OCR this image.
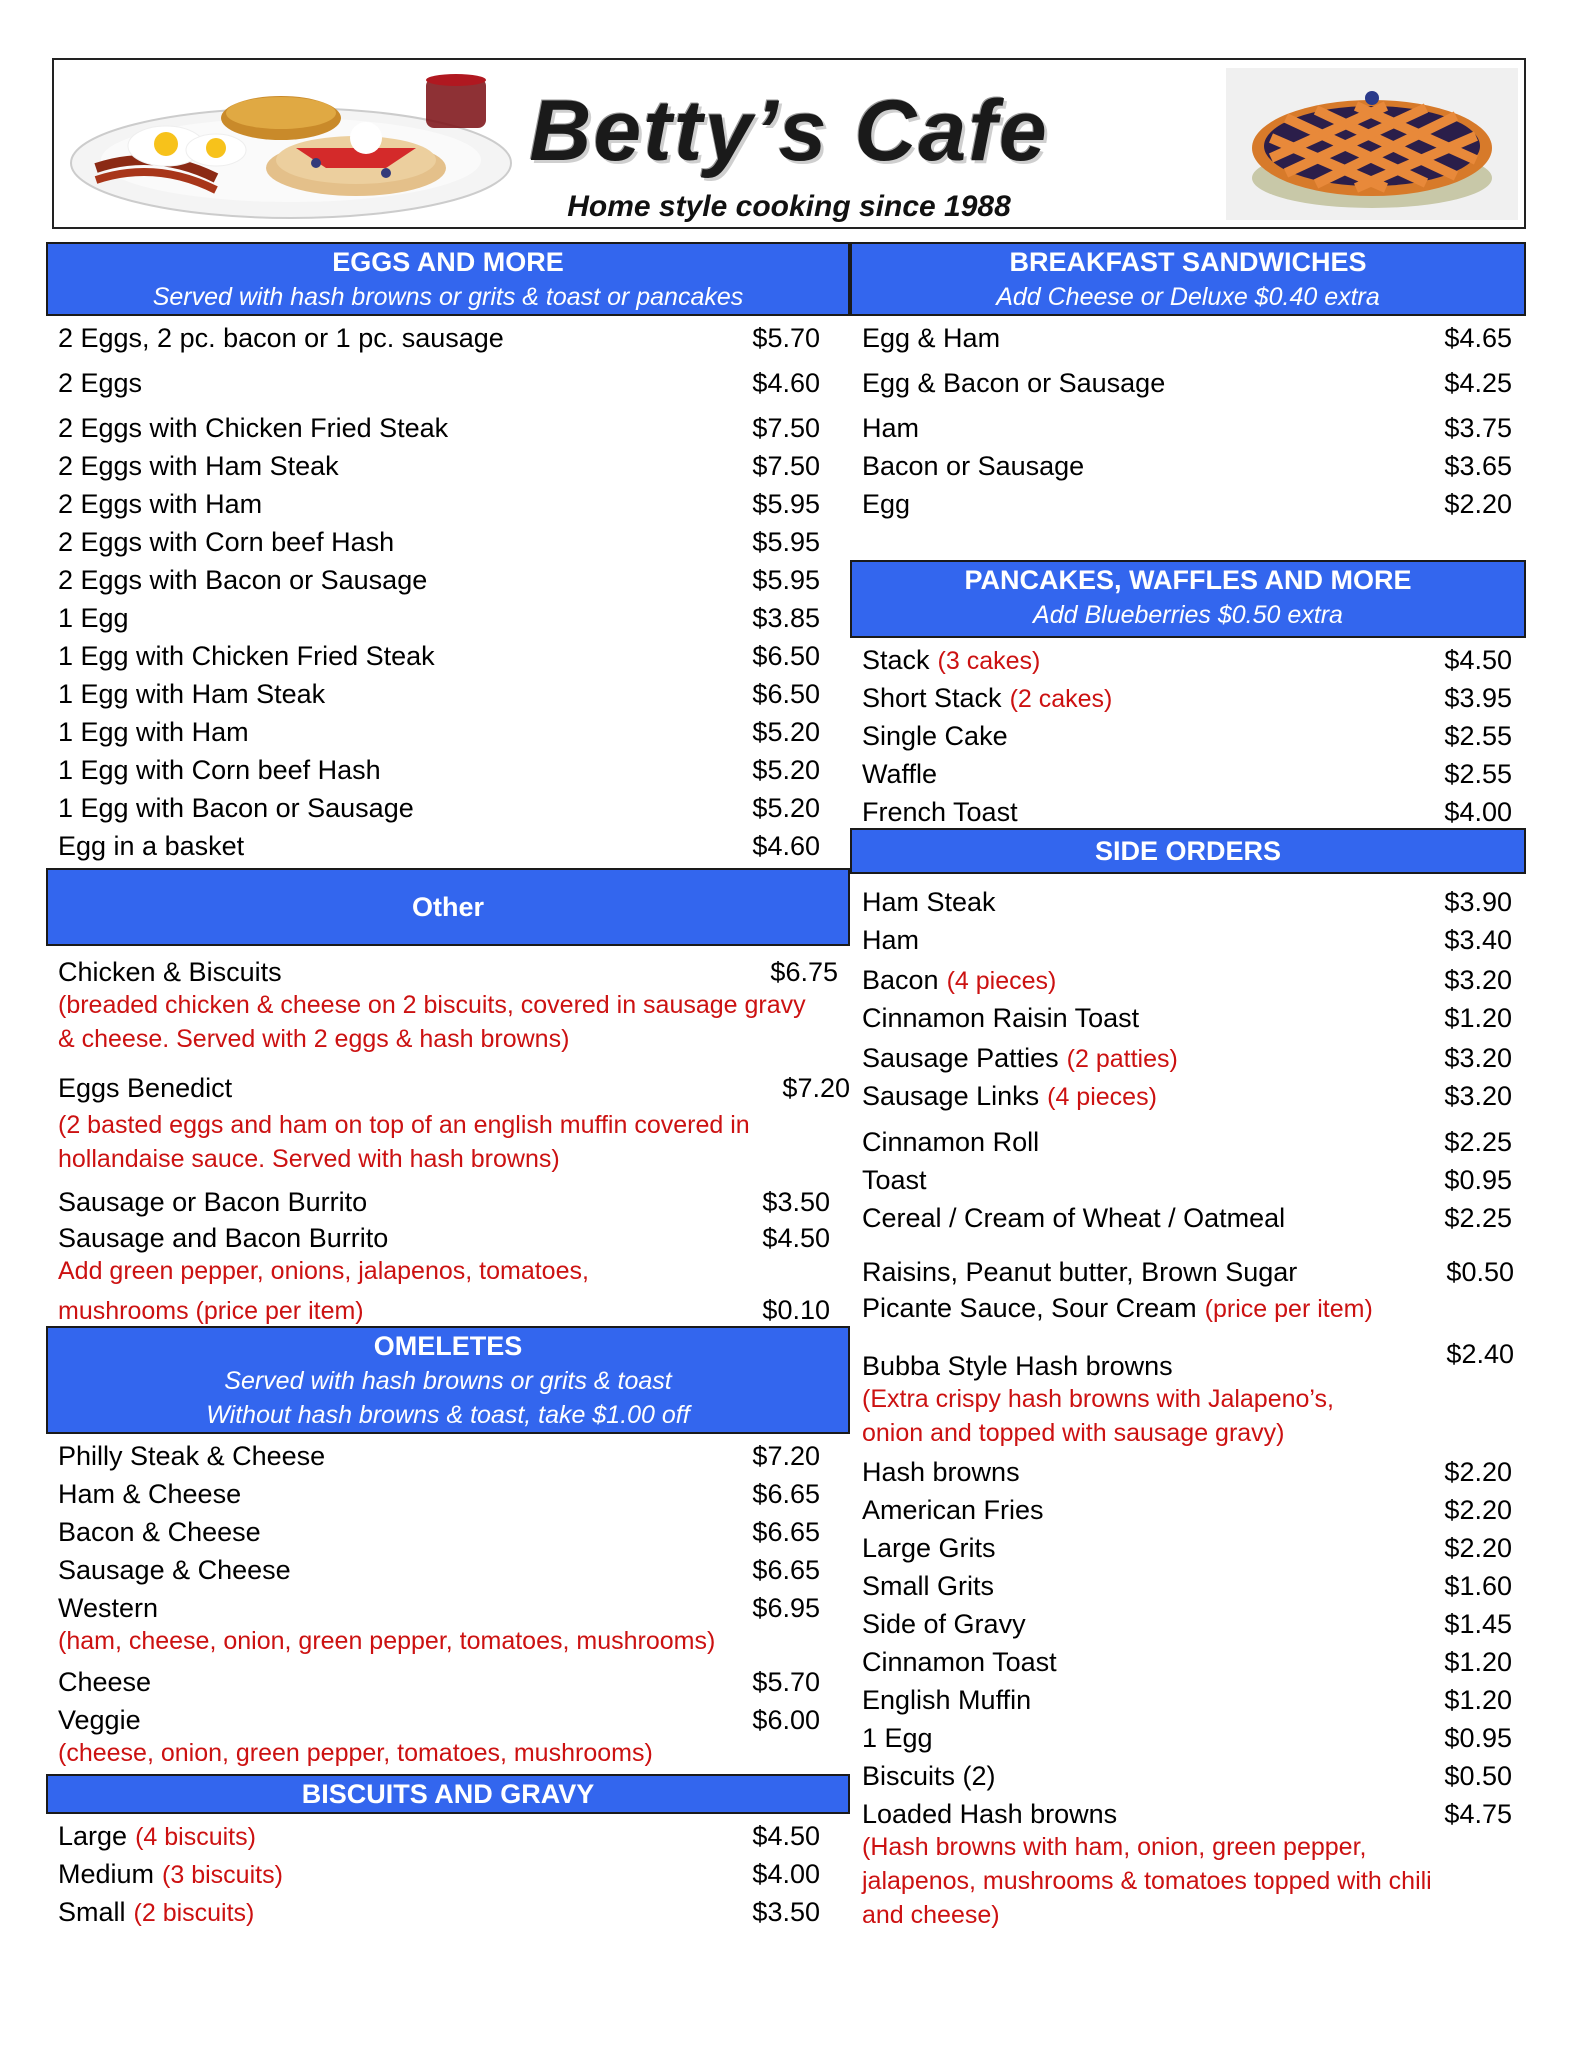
Betty’s Cafe
Home style cooking since 1988
EGGS AND MORE
Served with hash browns or grits & toast or pancakes
2 Eggs, 2 pc. bacon or 1 pc. sausage	$5.70
2 Eggs	$4.60
2 Eggs with Chicken Fried Steak	$7.50
2 Eggs with Ham Steak	$7.50
2 Eggs with Ham	$5.95
2 Eggs with Corn beef Hash	$5.95
2 Eggs with Bacon or Sausage	$5.95
1 Egg	$3.85
1 Egg with Chicken Fried Steak	$6.50
1 Egg with Ham Steak	$6.50
1 Egg with Ham	$5.20
1 Egg with Corn beef Hash	$5.20
1 Egg with Bacon or Sausage	$5.20
Egg in a basket	$4.60
Other
Chicken & Biscuits	$6.75
(breaded chicken & cheese on 2 biscuits, covered in sausage gravy & cheese. Served with 2 eggs & hash browns)
Eggs Benedict	$7.20
(2 basted eggs and ham on top of an english muffin covered in hollandaise sauce. Served with hash browns)
Sausage or Bacon Burrito	$3.50
Sausage and Bacon Burrito	$4.50
Add green pepper, onions, jalapenos, tomatoes,
mushrooms (price per item)	$0.10
OMELETES
Served with hash browns or grits & toast
Without hash browns & toast, take $1.00 off
Philly Steak & Cheese	$7.20
Ham & Cheese	$6.65
Bacon & Cheese	$6.65
Sausage & Cheese	$6.65
Western	$6.95
(ham, cheese, onion, green pepper, tomatoes, mushrooms)
Cheese	$5.70
Veggie	$6.00
(cheese, onion, green pepper, tomatoes, mushrooms)
BISCUITS AND GRAVY
Large (4 biscuits)	$4.50
Medium (3 biscuits)	$4.00
Small (2 biscuits)	$3.50
BREAKFAST SANDWICHES
Add Cheese or Deluxe $0.40 extra
Egg & Ham	$4.65
Egg & Bacon or Sausage	$4.25
Ham	$3.75
Bacon or Sausage	$3.65
Egg	$2.20
PANCAKES, WAFFLES AND MORE
Add Blueberries $0.50 extra
Stack (3 cakes)	$4.50
Short Stack (2 cakes)	$3.95
Single Cake	$2.55
Waffle	$2.55
French Toast	$4.00
SIDE ORDERS
Ham Steak	$3.90
Ham	$3.40
Bacon (4 pieces)	$3.20
Cinnamon Raisin Toast	$1.20
Sausage Patties (2 patties)	$3.20
Sausage Links (4 pieces)	$3.20
Cinnamon Roll	$2.25
Toast	$0.95
Cereal / Cream of Wheat / Oatmeal	$2.25
Raisins, Peanut butter, Brown Sugar	$0.50
Picante Sauce, Sour Cream (price per item)
Bubba Style Hash browns	$2.40
(Extra crispy hash browns with Jalapeno’s, onion and topped with sausage gravy)
Hash browns	$2.20
American Fries	$2.20
Large Grits	$2.20
Small Grits	$1.60
Side of Gravy	$1.45
Cinnamon Toast	$1.20
English Muffin	$1.20
1 Egg	$0.95
Biscuits (2)	$0.50
Loaded Hash browns	$4.75
(Hash browns with ham, onion, green pepper, jalapenos, mushrooms & tomatoes topped with chili and cheese)
